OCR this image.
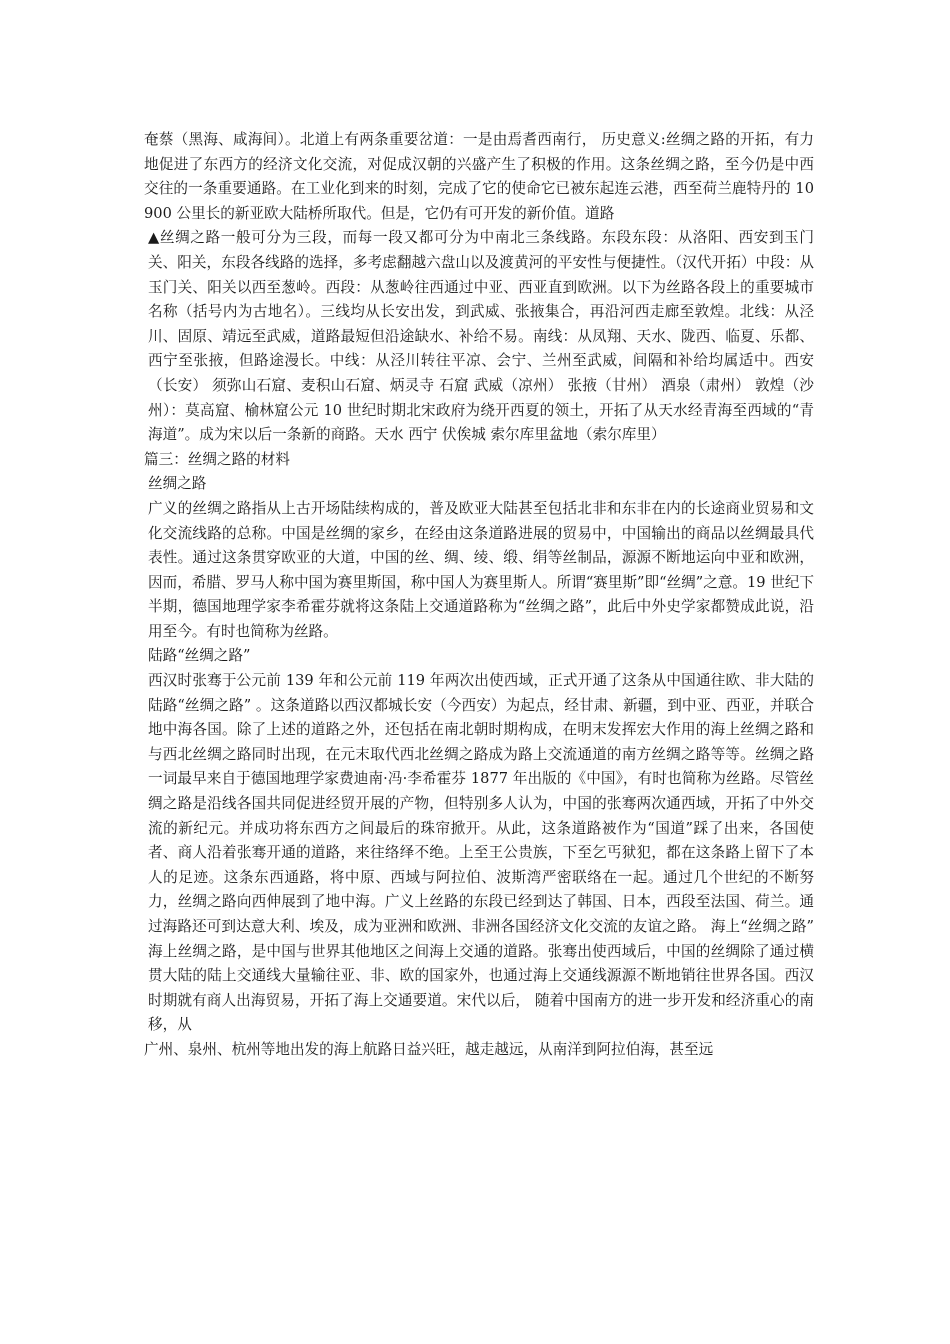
奄蔡（黑海、咸海间）。北道上有两条重要岔道：一是由焉耆西南行， 历史意义:丝绸之路的开拓，有力地促进了东西方的经济文化交流，对促成汉朝的兴盛产生了积极的作用。这条丝绸之路，至今仍是中西交往的一条重要通路。在工业化到来的时刻，完成了它的使命它已被东起连云港，西至荷兰鹿特丹的 10900 公里长的新亚欧大陆桥所取代。但是，它仍有可开发的新价值。道路

▲丝绸之路一般可分为三段，而每一段又都可分为中南北三条线路。东段东段：从洛阳、西安到玉门关、阳关，东段各线路的选择，多考虑翻越六盘山以及渡黄河的平安性与便捷性。（汉代开拓）中段：从玉门关、阳关以西至葱岭。西段：从葱岭往西通过中亚、西亚直到欧洲。以下为丝路各段上的重要城市名称（括号内为古地名）。三线均从长安出发，到武威、张掖集合，再沿河西走廊至敦煌。北线：从泾川、固原、靖远至武威，道路最短但沿途缺水、补给不易。南线：从凤翔、天水、陇西、临夏、乐都、西宁至张掖，但路途漫长。中线：从泾川转往平凉、会宁、兰州至武威，间隔和补给均属适中。西安（长安） 须弥山石窟、麦积山石窟、炳灵寺 石窟 武威（凉州） 张掖（甘州） 酒泉（肃州） 敦煌（沙州）：莫高窟、榆林窟公元 10 世纪时期北宋政府为绕开西夏的领土，开拓了从天水经青海至西域的“青海道”。成为宋以后一条新的商路。天水 西宁 伏俟城 索尔库里盆地（索尔库里）

篇三：丝绸之路的材料

丝绸之路

广义的丝绸之路指从上古开场陆续构成的，普及欧亚大陆甚至包括北非和东非在内的长途商业贸易和文化交流线路的总称。中国是丝绸的家乡，在经由这条道路进展的贸易中，中国输出的商品以丝绸最具代表性。通过这条贯穿欧亚的大道，中国的丝、绸、绫、缎、绢等丝制品，源源不断地运向中亚和欧洲，因而，希腊、罗马人称中国为赛里斯国，称中国人为赛里斯人。所谓“赛里斯”即“丝绸”之意。19 世纪下半期，德国地理学家李希霍芬就将这条陆上交通道路称为“丝绸之路”，此后中外史学家都赞成此说，沿用至今。有时也简称为丝路。

陆路“丝绸之路”

西汉时张骞于公元前 139 年和公元前 119 年两次出使西域，正式开通了这条从中国通往欧、非大陆的陆路“丝绸之路” 。这条道路以西汉都城长安（今西安）为起点，经甘肃、新疆，到中亚、西亚，并联合地中海各国。除了上述的道路之外，还包括在南北朝时期构成，在明末发挥宏大作用的海上丝绸之路和与西北丝绸之路同时出现，在元末取代西北丝绸之路成为路上交流通道的南方丝绸之路等等。丝绸之路一词最早来自于德国地理学家费迪南·冯·李希霍芬 1877 年出版的《中国》，有时也简称为丝路。尽管丝绸之路是沿线各国共同促进经贸开展的产物，但特别多人认为，中国的张骞两次通西域，开拓了中外交流的新纪元。并成功将东西方之间最后的珠帘掀开。从此，这条道路被作为“国道”踩了出来，各国使者、商人沿着张骞开通的道路，来往络绎不绝。上至王公贵族，下至乞丐狱犯，都在这条路上留下了本人的足迹。这条东西通路，将中原、西域与阿拉伯、波斯湾严密联络在一起。通过几个世纪的不断努力，丝绸之路向西伸展到了地中海。广义上丝路的东段已经到达了韩国、日本，西段至法国、荷兰。通过海路还可到达意大利、埃及，成为亚洲和欧洲、非洲各国经济文化交流的友谊之路。 海上“丝绸之路” 海上丝绸之路，是中国与世界其他地区之间海上交通的道路。张骞出使西域后，中国的丝绸除了通过横贯大陆的陆上交通线大量输往亚、非、欧的国家外，也通过海上交通线源源不断地销往世界各国。西汉时期就有商人出海贸易，开拓了海上交通要道。宋代以后， 随着中国南方的进一步开发和经济重心的南移，从

广州、泉州、杭州等地出发的海上航路日益兴旺，越走越远，从南洋到阿拉伯海，甚至远
